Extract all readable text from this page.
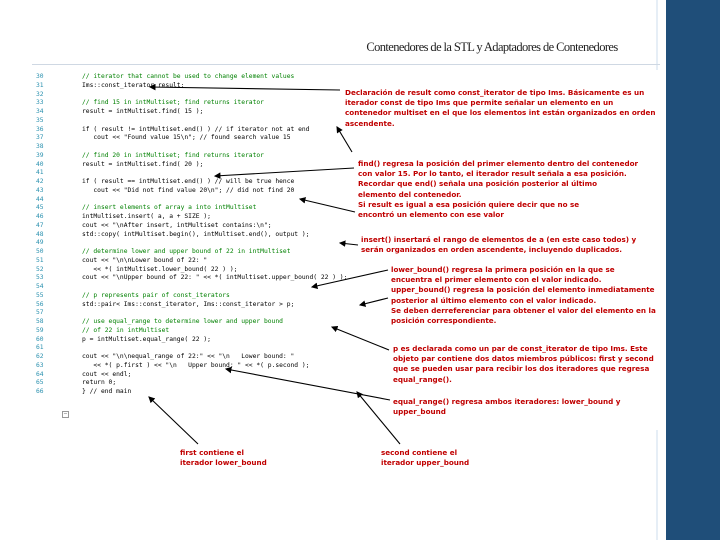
Contenedores de la STL y Adaptadores de Contenedores
30	// iterator that cannot be used to change element values
31	Ims::const_iterator result;
32
33	// find 15 in intMultiset; find returns iterator
34	result = intMultiset.find( 15 );
35
36	if ( result != intMultiset.end() ) // if iterator not at end
37	cout << "Found value 15\n"; // found search value 15
38
39	// find 20 in intMultiset; find returns iterator
40	result = intMultiset.find( 20 );
41
42	if ( result == intMultiset.end() ) // will be true hence
43	cout << "Did not find value 20\n"; // did not find 20
44
45	// insert elements of array a into intMultiset
46	intMultiset.insert( a, a + SIZE );
47	cout << "\nAfter insert, intMultiset contains:\n";
48	std::copy( intMultiset.begin(), intMultiset.end(), output );
49
50	// determine lower and upper bound of 22 in intMultiset
51	cout << "\n\nLower bound of 22: "
52	<< *( intMultiset.lower_bound( 22 ) );
53	cout << "\nUpper bound of 22: " << *( intMultiset.upper_bound( 22 ) );
54
55	// p represents pair of const_iterators
56	std::pair< Ims::const_iterator, Ims::const_iterator > p;
57
58	// use equal_range to determine lower and upper bound
59	// of 22 in intMultiset
60	p = intMultiset.equal_range( 22 );
61
62	cout << "\n\nequal_range of 22:" << "\n   Lower bound: "
63	<< *( p.first ) << "\n   Upper bound: " << *( p.second );
64	cout << endl;
65	return 0;
66	} // end main
−
Declaración de result como const_iterator de tipo Ims. Básicamente es un
iterador const de tipo Ims que permite señalar un elemento en un
contenedor multiset en el que los elementos int están organizados en orden
ascendente.
find() regresa la posición del primer elemento dentro del contenedor
con valor 15. Por lo tanto, el iterador result señala a esa posición.
Recordar que end() señala una posición posterior al último
elemento del contenedor.
Si result es igual a esa posición quiere decir que no se
encontró un elemento con ese valor
insert() insertará el rango de elementos de a (en este caso todos) y
serán organizados en orden ascendente, incluyendo duplicados.
lower_bound() regresa la primera posición en la que se
encuentra el primer elemento con el valor indicado.
upper_bound() regresa la posición del elemento inmediatamente
posterior al último elemento con el valor indicado.
Se deben derreferenciar para obtener el valor del elemento en la
posición correspondiente.
p es declarada como un par de const_iterator de tipo Ims. Este
objeto par contiene dos datos miembros públicos: first y second
que se pueden usar para recibir los dos iteradores que regresa
equal_range().
equal_range() regresa ambos iteradores: lower_bound y
upper_bound
first contiene el
iterador lower_bound
second contiene el
iterador upper_bound
